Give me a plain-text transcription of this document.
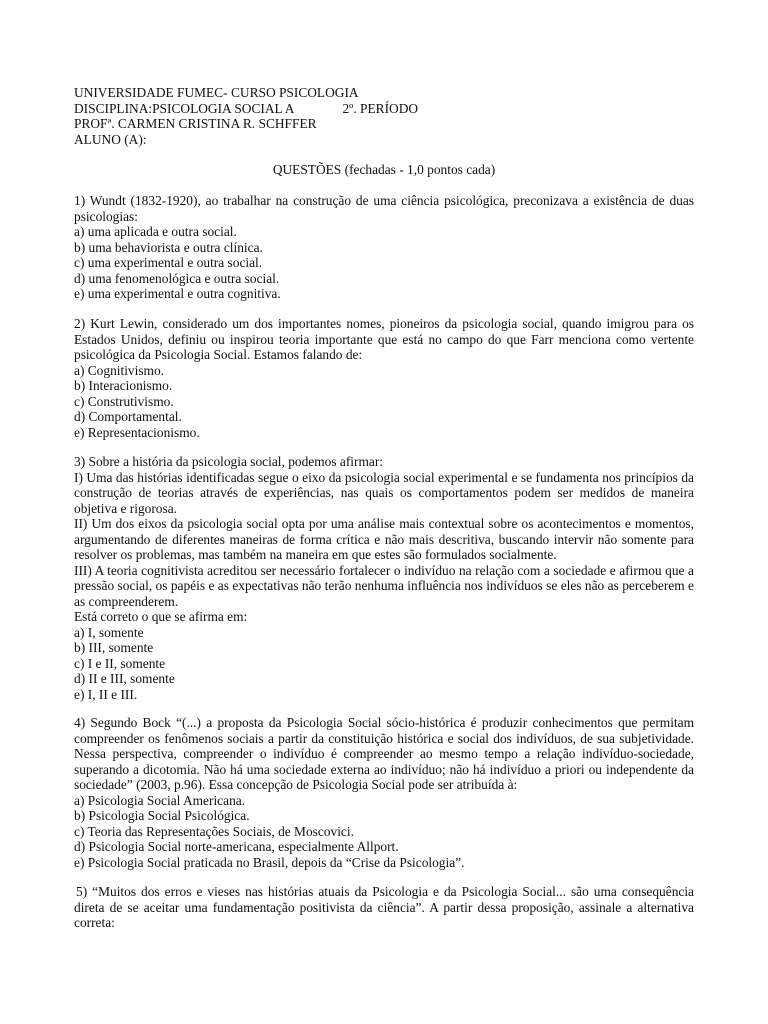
UNIVERSIDADE FUMEC- CURSO PSICOLOGIA
DISCIPLINA:PSICOLOGIA SOCIAL A	2º. PERÍODO
PROFª. CARMEN CRISTINA R. SCHFFER
ALUNO (A):
QUESTÕES (fechadas - 1,0 pontos cada)
1) Wundt (1832-1920), ao trabalhar na construção de uma ciência psicológica, preconizava a existência de duas psicologias:
a) uma aplicada e outra social.
b) uma behaviorista e outra clínica.
c) uma experimental e outra social.
d) uma fenomenológica e outra social.
e) uma experimental e outra cognitiva.
2) Kurt Lewin, considerado um dos importantes nomes, pioneiros da psicologia social, quando imigrou para os Estados Unidos, definiu ou inspirou teoria importante que está no campo do que Farr menciona como vertente psicológica da Psicologia Social. Estamos falando de:
a) Cognitivismo.
b) Interacionismo.
c) Construtivismo.
d) Comportamental.
e) Representacionismo.
3) Sobre a história da psicologia social, podemos afirmar:
I) Uma das histórias identificadas segue o eixo da psicologia social experimental e se fundamenta nos princípios da construção de teorias através de experiências, nas quais os comportamentos podem ser medidos de maneira objetiva e rigorosa.
II) Um dos eixos da psicologia social opta por uma análise mais contextual sobre os acontecimentos e momentos, argumentando de diferentes maneiras de forma crítica e não mais descritiva, buscando intervir não somente para resolver os problemas, mas também na maneira em que estes são formulados socialmente.
III) A teoria cognitivista acreditou ser necessário fortalecer o indivíduo na relação com a sociedade e afirmou que a pressão social, os papéis e as expectativas não terão nenhuma influência nos indivíduos se eles não as perceberem e as compreenderem.
Está correto o que se afirma em:
a) I, somente
b) III, somente
c) I e II, somente
d) II e III, somente
e) I, II e III.
4) Segundo Bock “(...) a proposta da Psicologia Social sócio-histórica é produzir conhecimentos que permitam compreender os fenômenos sociais a partir da constituição histórica e social dos indivíduos, de sua subjetividade. Nessa perspectiva, compreender o indivíduo é compreender ao mesmo tempo a relação indivíduo-sociedade, superando a dicotomia. Não há uma sociedade externa ao indivíduo; não há indivíduo a priori ou independente da sociedade” (2003, p.96). Essa concepção de Psicologia Social pode ser atribuída à:
a) Psicologia Social Americana.
b) Psicologia Social Psicológica.
c) Teoria das Representações Sociais, de Moscovici.
d) Psicologia Social norte-americana, especialmente Allport.
e) Psicologia Social praticada no Brasil, depois da “Crise da Psicologia”.
5) “Muitos dos erros e vieses nas histórias atuais da Psicologia e da Psicologia Social... são uma consequência direta de se aceitar uma fundamentação positivista da ciência”. A partir dessa proposição, assinale a alternativa correta:
